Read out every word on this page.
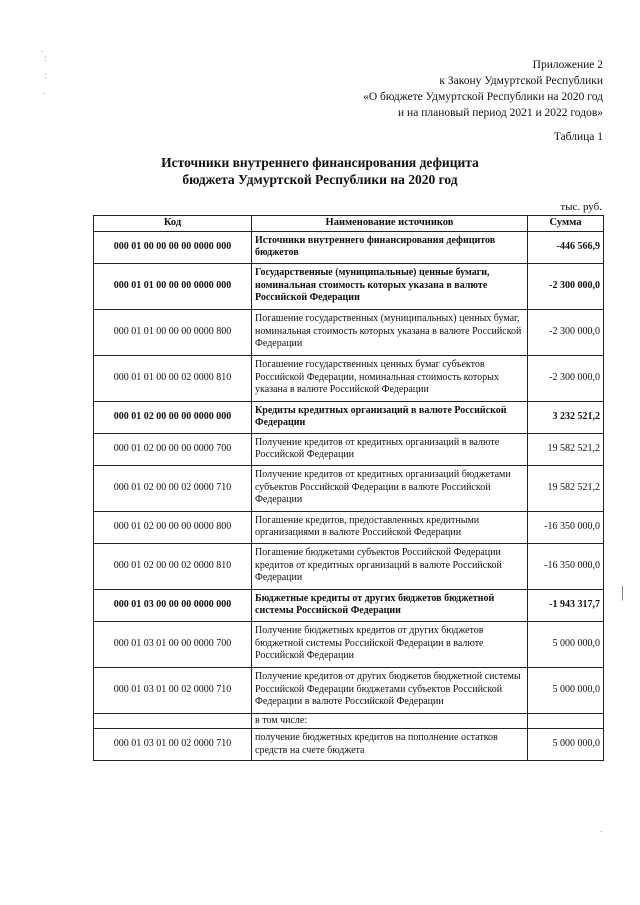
.
:
:
.
|
.
Приложение 2
к Закону Удмуртской Республики
«О бюджете Удмуртской Республики на 2020 год
и на плановый период 2021 и 2022 годов»
Таблица 1
Источники внутреннего финансирования дефицита
бюджета Удмуртской Республики на 2020 год
тыс. руб.
Код	Наименование источников	Сумма
000 01 00 00 00 00 0000 000	Источники внутреннего финансирования дефицитов бюджетов	-446 566,9
000 01 01 00 00 00 0000 000	Государственные (муниципальные) ценные бумаги, номинальная стоимость которых указана в валюте Российской Федерации	-2 300 000,0
000 01 01 00 00 00 0000 800	Погашение государственных (муниципальных) ценных бумаг, номинальная стоимость которых указана в валюте Российской Федерации	-2 300 000,0
000 01 01 00 00 02 0000 810	Погашение государственных ценных бумаг субъектов Российской Федерации, номинальная стоимость которых указана в валюте Российской Федерации	-2 300 000,0
000 01 02 00 00 00 0000 000	Кредиты кредитных организаций в валюте Российской Федерации	3 232 521,2
000 01 02 00 00 00 0000 700	Получение кредитов от кредитных организаций в валюте Российской Федерации	19 582 521,2
000 01 02 00 00 02 0000 710	Получение кредитов от кредитных организаций бюджетами субъектов Российской Федерации в валюте Российской Федерации	19 582 521,2
000 01 02 00 00 00 0000 800	Погашение кредитов, предоставленных кредитными организациями в валюте Российской Федерации	-16 350 000,0
000 01 02 00 00 02 0000 810	Погашение бюджетами субъектов Российской Федерации кредитов от кредитных организаций в валюте Российской Федерации	-16 350 000,0
000 01 03 00 00 00 0000 000	Бюджетные кредиты от других бюджетов бюджетной системы Российской Федерации	-1 943 317,7
000 01 03 01 00 00 0000 700	Получение бюджетных кредитов от других бюджетов бюджетной системы Российской Федерации в валюте Российской Федерации	5 000 000,0
000 01 03 01 00 02 0000 710	Получение кредитов от других бюджетов бюджетной системы Российской Федерации бюджетами субъектов Российской Федерации в валюте Российской Федерации	5 000 000,0
	в том числе:	
000 01 03 01 00 02 0000 710	получение бюджетных кредитов на пополнение остатков средств на счете бюджета	5 000 000,0
